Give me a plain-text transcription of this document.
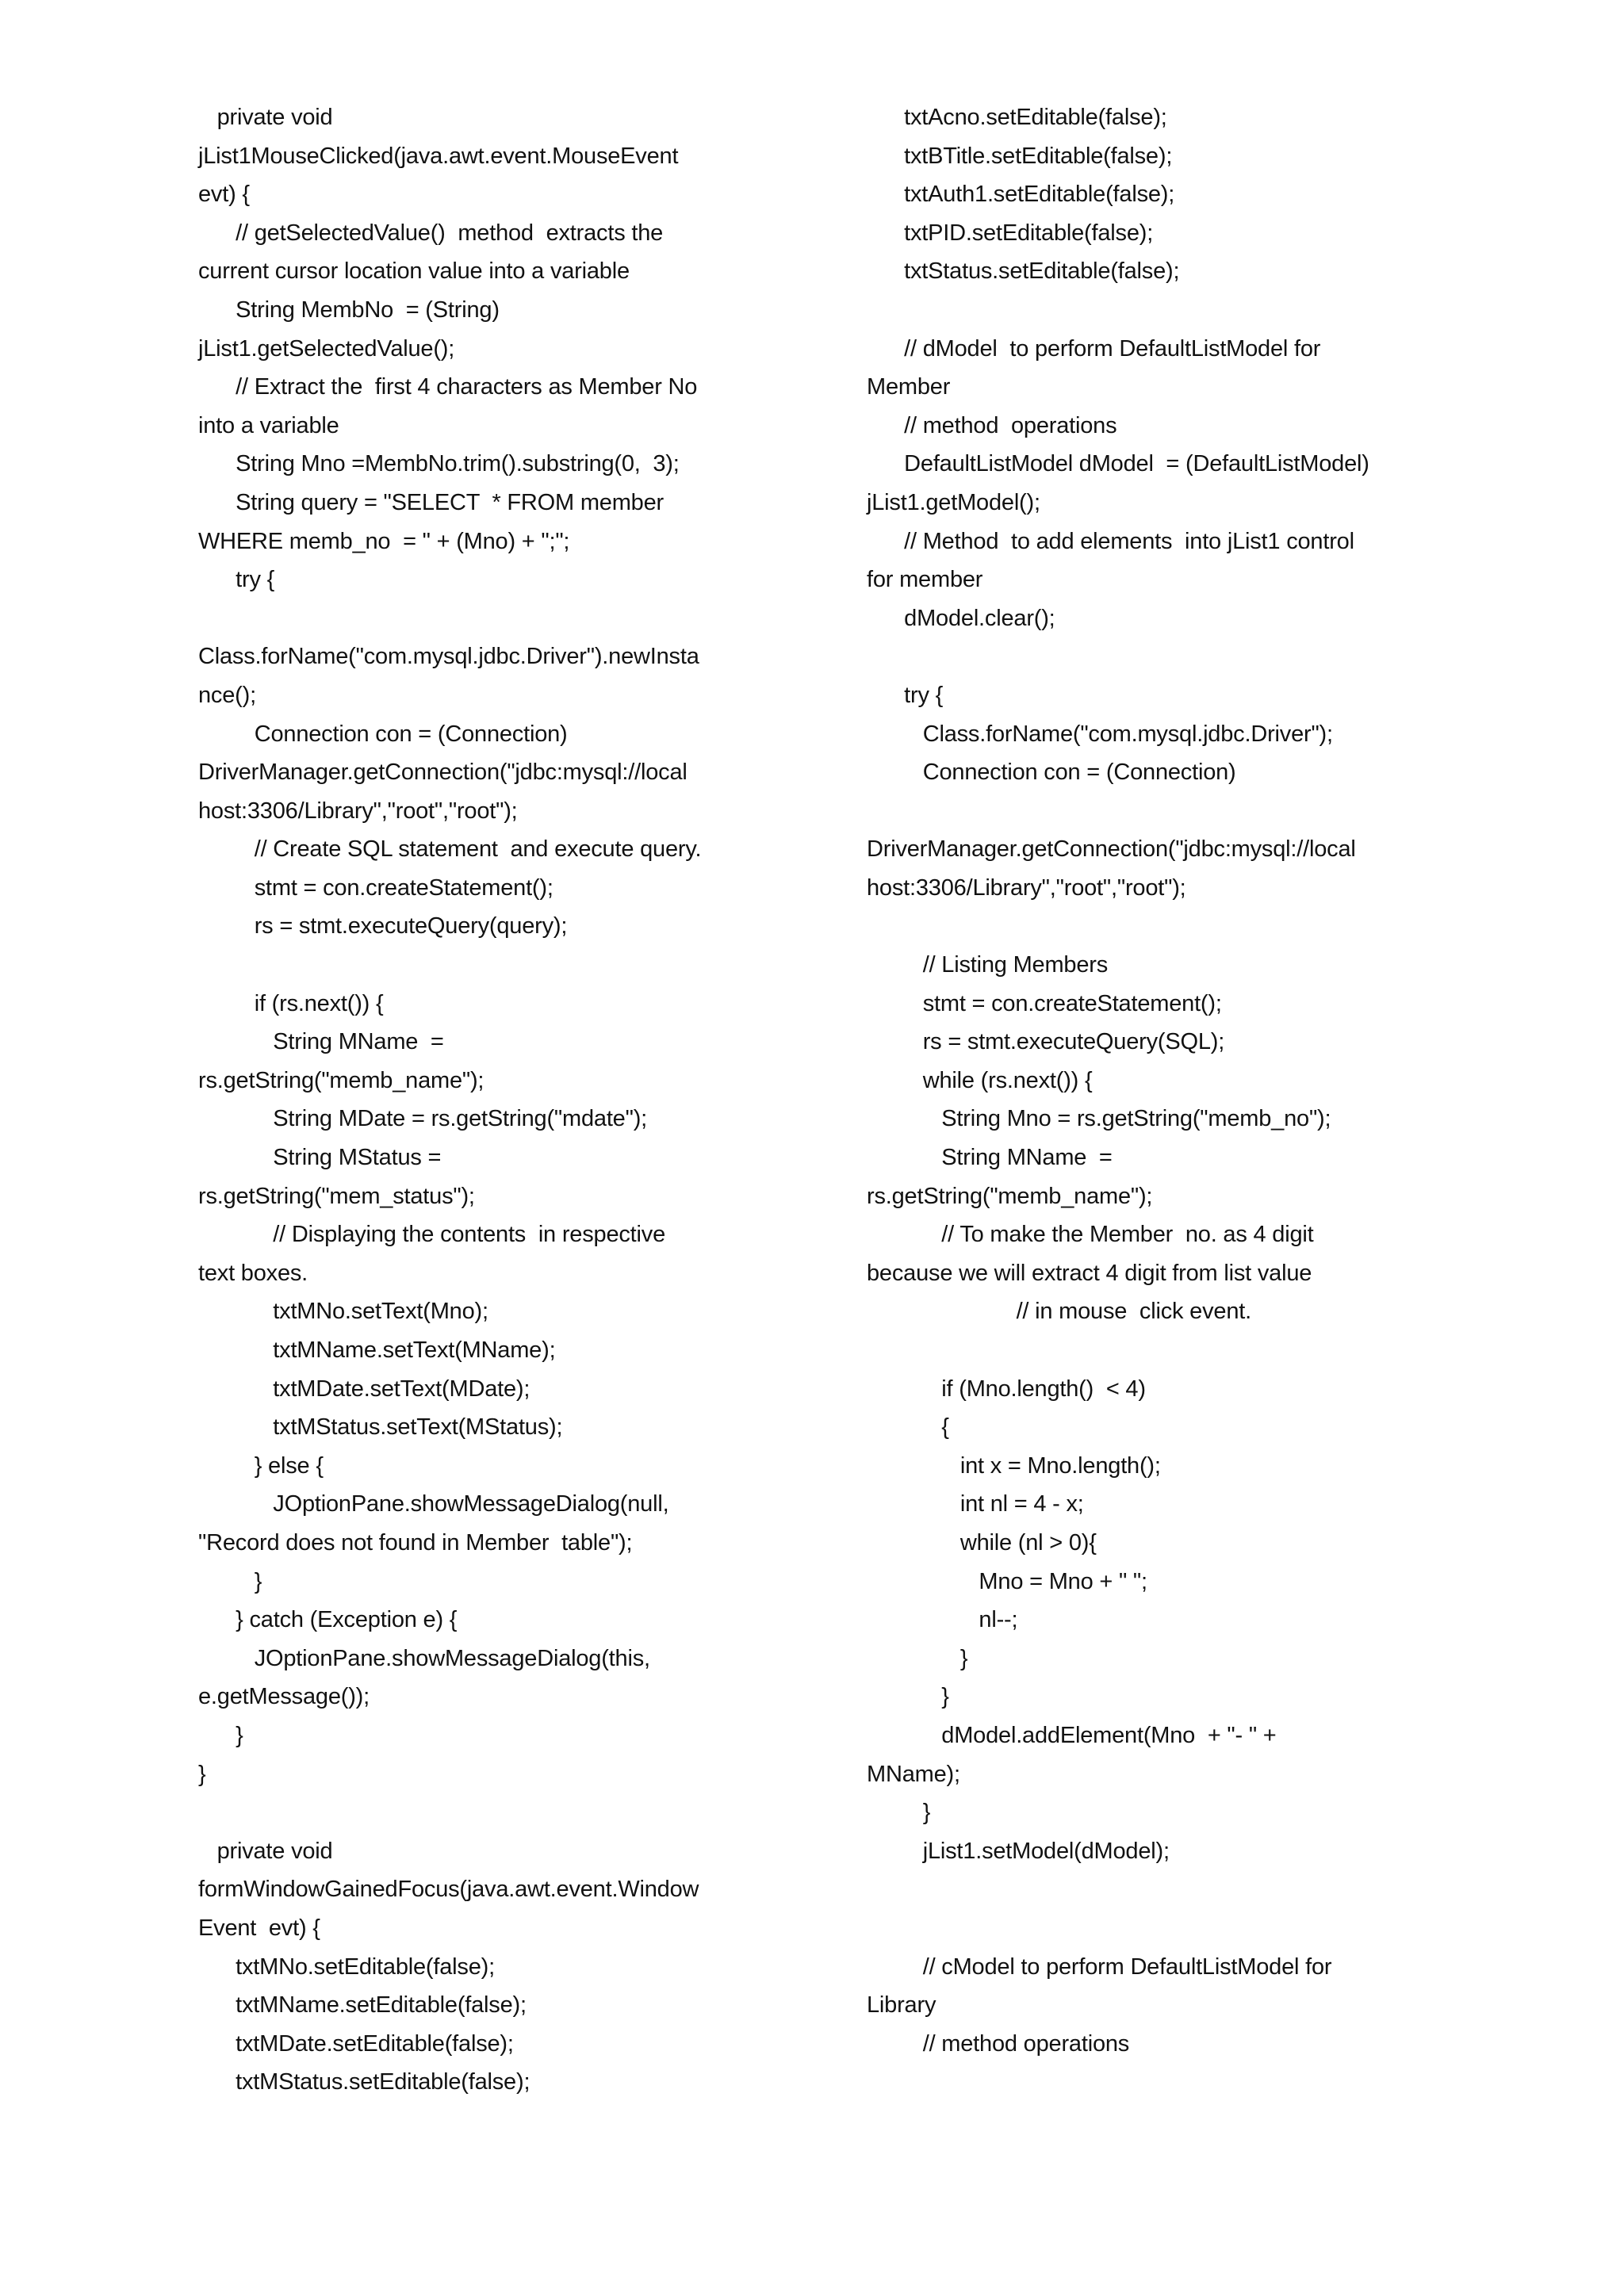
private void
jList1MouseClicked(java.awt.event.MouseEvent
evt) {
// getSelectedValue()  method  extracts the
current cursor location value into a variable
String MembNo  = (String)
jList1.getSelectedValue();
// Extract the  first 4 characters as Member No
into a variable
String Mno =MembNo.trim().substring(0,  3);
String query = "SELECT  * FROM member
WHERE memb_no  = " + (Mno) + ";";
try {
Class.forName("com.mysql.jdbc.Driver").newInsta
nce();
Connection con = (Connection)
DriverManager.getConnection("jdbc:mysql://local
host:3306/Library","root","root");
// Create SQL statement  and execute query.
stmt = con.createStatement();
rs = stmt.executeQuery(query);
if (rs.next()) {
String MName  =
rs.getString("memb_name");
String MDate = rs.getString("mdate");
String MStatus =
rs.getString("mem_status");
// Displaying the contents  in respective
text boxes.
txtMNo.setText(Mno);
txtMName.setText(MName);
txtMDate.setText(MDate);
txtMStatus.setText(MStatus);
} else {
JOptionPane.showMessageDialog(null,
"Record does not found in Member  table");
}
} catch (Exception e) {
JOptionPane.showMessageDialog(this,
e.getMessage());
}
}
private void
formWindowGainedFocus(java.awt.event.Window
Event  evt) {
txtMNo.setEditable(false);
txtMName.setEditable(false);
txtMDate.setEditable(false);
txtMStatus.setEditable(false);
txtAcno.setEditable(false);
txtBTitle.setEditable(false);
txtAuth1.setEditable(false);
txtPID.setEditable(false);
txtStatus.setEditable(false);
// dModel  to perform DefaultListModel for
Member
// method  operations
DefaultListModel dModel  = (DefaultListModel)
jList1.getModel();
// Method  to add elements  into jList1 control
for member
dModel.clear();
try {
Class.forName("com.mysql.jdbc.Driver");
Connection con = (Connection)
DriverManager.getConnection("jdbc:mysql://local
host:3306/Library","root","root");
// Listing Members
stmt = con.createStatement();
rs = stmt.executeQuery(SQL);
while (rs.next()) {
String Mno = rs.getString("memb_no");
String MName  =
rs.getString("memb_name");
// To make the Member  no. as 4 digit
because we will extract 4 digit from list value
// in mouse  click event.
if (Mno.length()  < 4)
{
int x = Mno.length();
int nl = 4 - x;
while (nl > 0){
Mno = Mno + " ";
nl--;
}
}
dModel.addElement(Mno  + "- " +
MName);
}
jList1.setModel(dModel);
// cModel to perform DefaultListModel for
Library
// method operations
